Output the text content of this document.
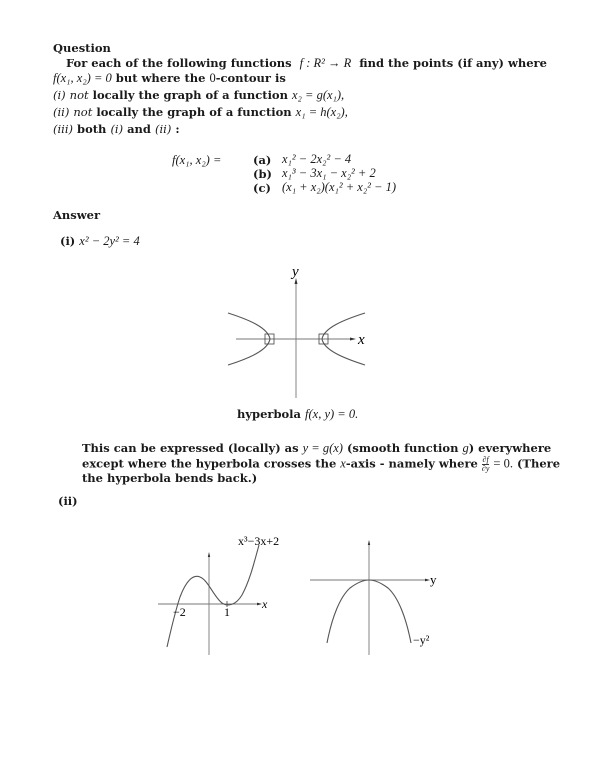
Question
For each of the following functions f : R² → R find the points (if any) where
f(x₁, x₂) = 0 but where the 0-contour is
(i) not locally the graph of a function x₂ = g(x₁),
(ii) not locally the graph of a function x₁ = h(x₂),
(iii) both (i) and (ii) :
f(x₁, x₂) =	(a) x₁² − 2x₂² − 4
(b) x₁³ − 3x₁ − x₂² + 2
(c) (x₁ + x₂)(x₁² + x₂² − 1)
Answer
(i) x² − 2y² = 4
y
x
hyperbola f(x, y) = 0.
This can be expressed (locally) as y = g(x) (smooth function g) everywhere
except where the hyperbola crosses the x-axis - namely where $\frac{\partial f}{\partial y} = 0$. (There
the hyperbola bends back.)
(ii)
x³−3x+2
x
−2	1
y
−y²
